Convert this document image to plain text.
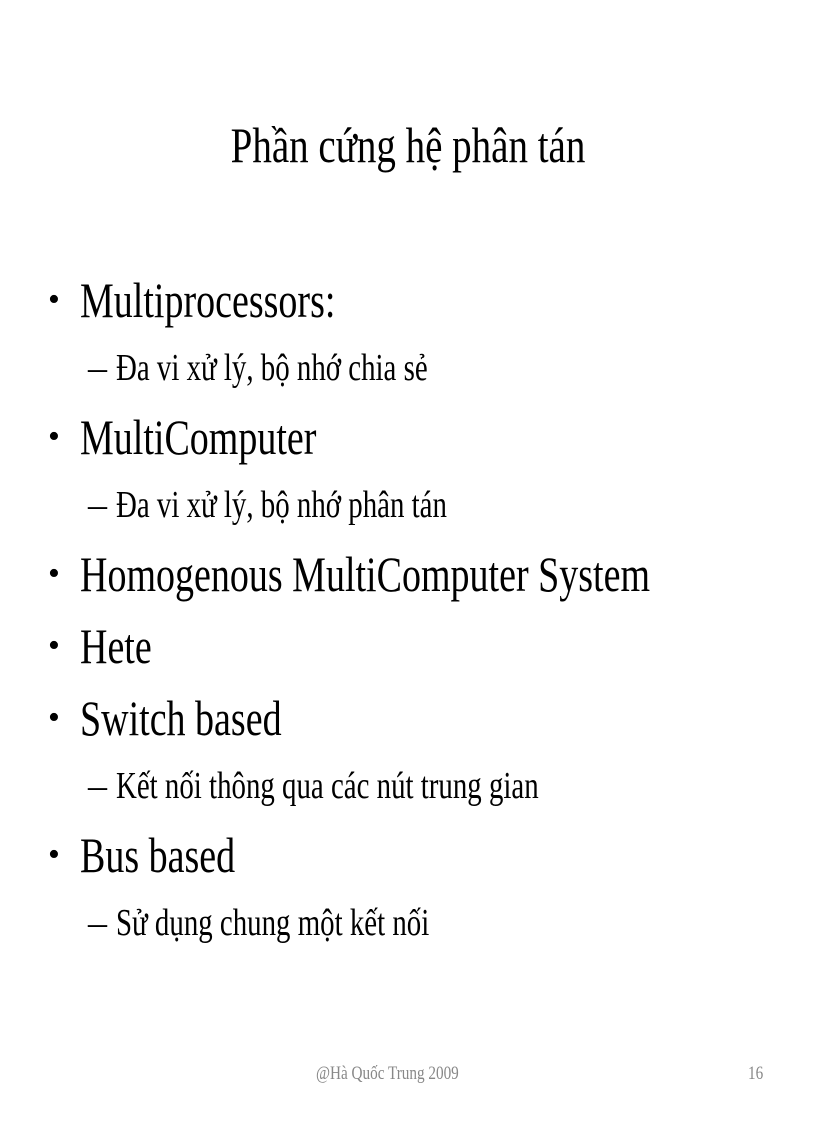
Phần cứng hệ phân tán
• Multiprocessors:
– Đa vi xử lý, bộ nhớ chia sẻ
• MultiComputer
– Đa vi xử lý, bộ nhớ phân tán
• Homogenous MultiComputer System
• Hete
• Switch based
– Kết nối thông qua các nút trung gian
• Bus based
– Sử dụng chung một kết nối
@Hà Quốc Trung 2009	16
